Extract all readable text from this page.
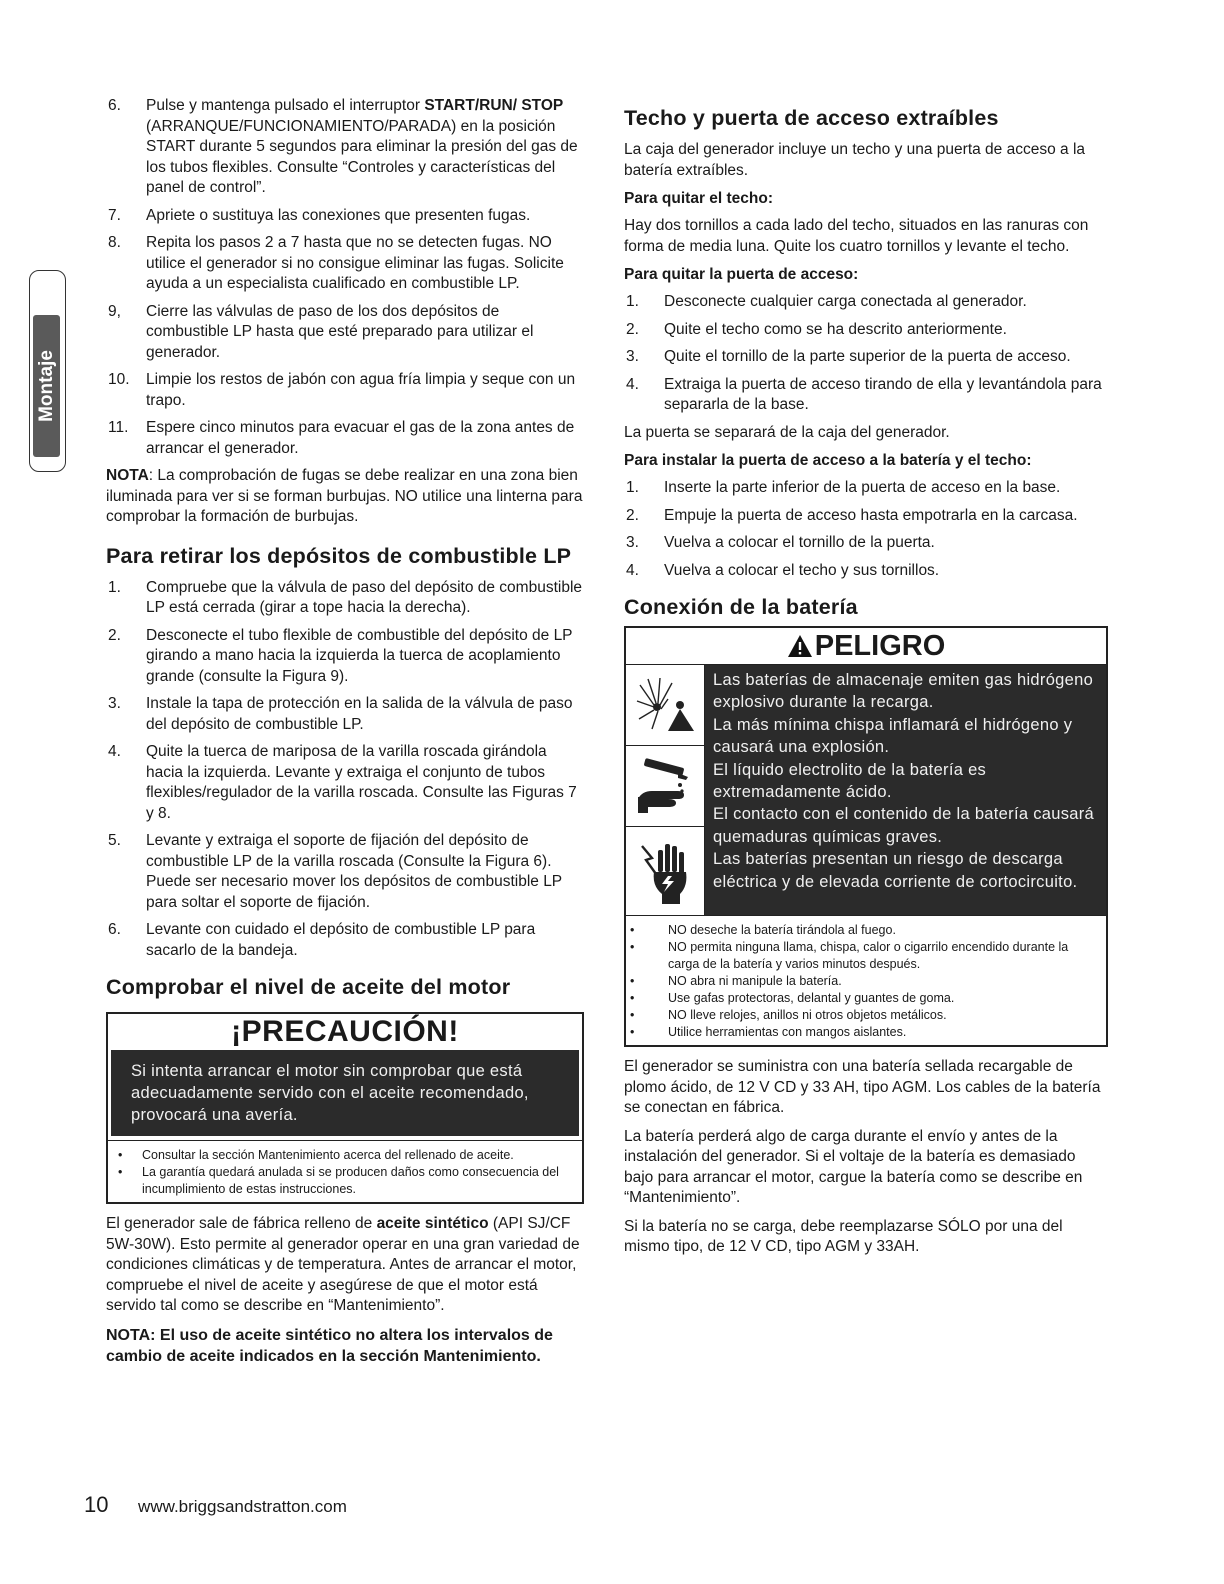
Montaje
6. Pulse y mantenga pulsado el interruptor START/RUN/ STOP (ARRANQUE/FUNCIONAMIENTO/PARADA) en la posición START durante 5 segundos para eliminar la presión del gas de los tubos flexibles. Consulte “Controles y características del panel de control”.
7. Apriete o sustituya las conexiones que presenten fugas.
8. Repita los pasos 2 a 7 hasta que no se detecten fugas. NO utilice el generador si no consigue eliminar las fugas. Solicite ayuda a un especialista cualificado en combustible LP.
9, Cierre las válvulas de paso de los dos depósitos de combustible LP hasta que esté preparado para utilizar el generador.
10. Limpie los restos de jabón con agua fría limpia y seque con un trapo.
11. Espere cinco minutos para evacuar el gas de la zona antes de arrancar el generador.

NOTA: La comprobación de fugas se debe realizar en una zona bien iluminada para ver si se forman burbujas. NO utilice una linterna para comprobar la formación de burbujas.

Para retirar los depósitos de combustible LP
1. Compruebe que la válvula de paso del depósito de combustible LP está cerrada (girar a tope hacia la derecha).
2. Desconecte el tubo flexible de combustible del depósito de LP girando a mano hacia la izquierda la tuerca de acoplamiento grande (consulte la Figura 9).
3. Instale la tapa de protección en la salida de la válvula de paso del depósito de combustible LP.
4. Quite la tuerca de mariposa de la varilla roscada girándola hacia la izquierda. Levante y extraiga el conjunto de tubos flexibles/regulador de la varilla roscada. Consulte las Figuras 7 y 8.
5. Levante y extraiga el soporte de fijación del depósito de combustible LP de la varilla roscada (Consulte la Figura 6). Puede ser necesario mover los depósitos de combustible LP para soltar el soporte de fijación.
6. Levante con cuidado el depósito de combustible LP para sacarlo de la bandeja.
Comprobar el nivel de aceite del motor
¡PRECAUCIÓN!
Si intenta arrancar el motor sin comprobar que está adecuadamente servido con el aceite recomendado, provocará una avería.
• Consultar la sección Mantenimiento acerca del rellenado de aceite.
• La garantía quedará anulada si se producen daños como consecuencia del incumplimiento de estas instrucciones.

El generador sale de fábrica relleno de aceite sintético (API SJ/CF 5W-30W). Esto permite al generador operar en una gran variedad de condiciones climáticas y de temperatura. Antes de arrancar el motor, compruebe el nivel de aceite y asegúrese de que el motor está servido tal como se describe en “Mantenimiento”.

NOTA: El uso de aceite sintético no altera los intervalos de cambio de aceite indicados en la sección Mantenimiento.

Techo y puerta de acceso extraíbles

La caja del generador incluye un techo y una puerta de acceso a la batería extraíbles.

Para quitar el techo:

Hay dos tornillos a cada lado del techo, situados en las ranuras con forma de media luna. Quite los cuatro tornillos y levante el techo.

Para quitar la puerta de acceso:
1. Desconecte cualquier carga conectada al generador.
2. Quite el techo como se ha descrito anteriormente.
3. Quite el tornillo de la parte superior de la puerta de acceso.
4. Extraiga la puerta de acceso tirando de ella y levantándola para separarla de la base.

La puerta se separará de la caja del generador.

Para instalar la puerta de acceso a la batería y el techo:
1. Inserte la parte inferior de la puerta de acceso en la base.
2. Empuje la puerta de acceso hasta empotrarla en la carcasa.
3. Vuelva a colocar el tornillo de la puerta.
4. Vuelva a colocar el techo y sus tornillos.
Conexión de la batería
PELIGRO
Las baterías de almacenaje emiten gas hidrógeno explosivo durante la recarga.
La más mínima chispa inflamará el hidrógeno y causará una explosión.
El líquido electrolito de la batería es extremadamente ácido.
El contacto con el contenido de la batería causará quemaduras químicas graves.
Las baterías presentan un riesgo de descarga eléctrica y de elevada corriente de cortocircuito.
• NO deseche la batería tirándola al fuego.
• NO permita ninguna llama, chispa, calor o cigarrilo encendido durante la carga de la batería y varios minutos después.
• NO abra ni manipule la batería.
• Use gafas protectoras, delantal y guantes de goma.
• NO lleve relojes, anillos ni otros objetos metálicos.
• Utilice herramientas con mangos aislantes.

El generador se suministra con una batería sellada recargable de plomo ácido, de 12 V CD y 33 AH, tipo AGM. Los cables de la batería se conectan en fábrica.

La batería perderá algo de carga durante el envío y antes de la instalación del generador. Si el voltaje de la batería es demasiado bajo para arrancar el motor, cargue la batería como se describe en “Mantenimiento”.

Si la batería no se carga, debe reemplazarse SÓLO por una del mismo tipo, de 12 V CD, tipo AGM y 33AH.

10 www.briggsandstratton.com
